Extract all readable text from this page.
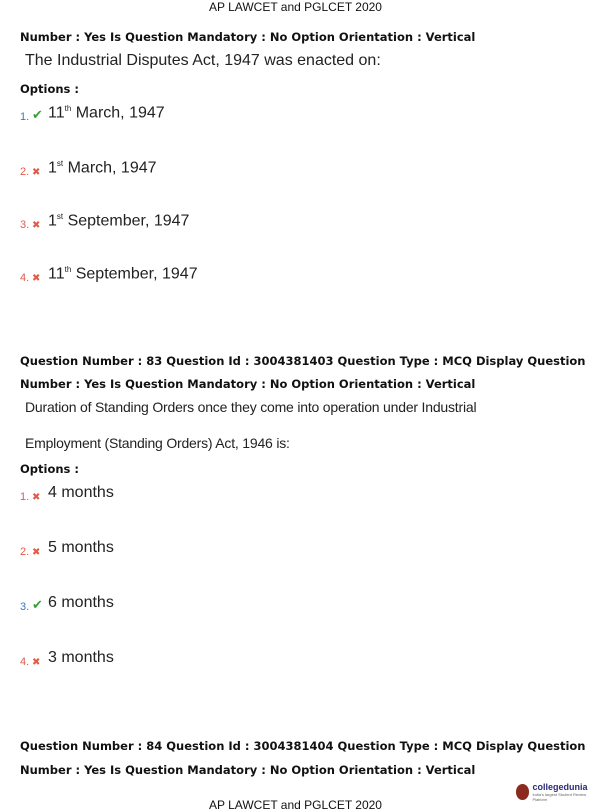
AP LAWCET and PGLCET 2020
Number : Yes Is Question Mandatory : No Option Orientation : Vertical
The Industrial Disputes Act, 1947 was enacted on:
Options :
1. ✔ 11th March, 1947
2. ✖ 1st March, 1947
3. ✖ 1st September, 1947
4. ✖ 11th September, 1947
Question Number : 83 Question Id : 3004381403 Question Type : MCQ Display Question
Number : Yes Is Question Mandatory : No Option Orientation : Vertical
Duration of Standing Orders once they come into operation under Industrial
Employment (Standing Orders) Act, 1946 is:
Options :
1. ✖ 4 months
2. ✖ 5 months
3. ✔ 6 months
4. ✖ 3 months
Question Number : 84 Question Id : 3004381404 Question Type : MCQ Display Question
Number : Yes Is Question Mandatory : No Option Orientation : Vertical
collegedunia
India's largest Student Review Platform
AP LAWCET and PGLCET 2020
